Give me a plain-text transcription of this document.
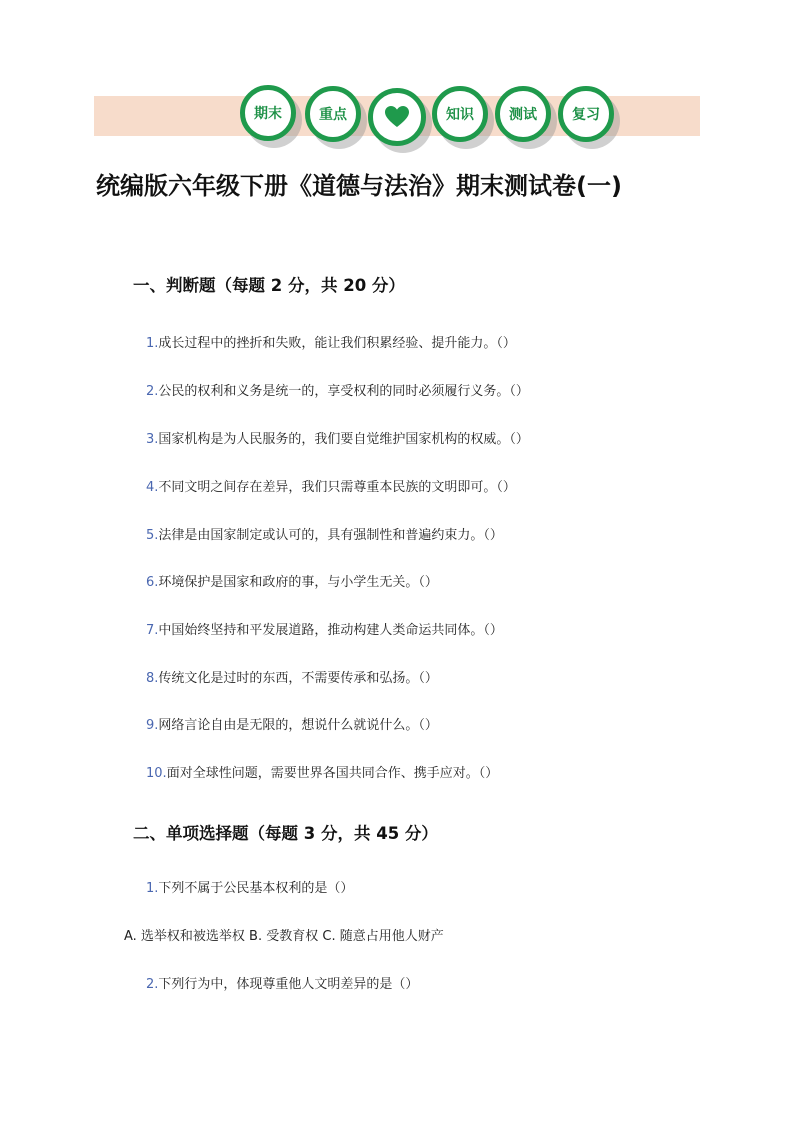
期末	重点	知识	测试	复习
统编版六年级下册《道德与法治》期末测试卷(一)
一、判断题（每题 2 分，共 20 分）
1.成长过程中的挫折和失败，能让我们积累经验、提升能力。（）
2.公民的权利和义务是统一的，享受权利的同时必须履行义务。（）
3.国家机构是为人民服务的，我们要自觉维护国家机构的权威。（）
4.不同文明之间存在差异，我们只需尊重本民族的文明即可。（）
5.法律是由国家制定或认可的，具有强制性和普遍约束力。（）
6.环境保护是国家和政府的事，与小学生无关。（）
7.中国始终坚持和平发展道路，推动构建人类命运共同体。（）
8.传统文化是过时的东西，不需要传承和弘扬。（）
9.网络言论自由是无限的，想说什么就说什么。（）
10.面对全球性问题，需要世界各国共同合作、携手应对。（）
二、单项选择题（每题 3 分，共 45 分）
1.下列不属于公民基本权利的是（）
A. 选举权和被选举权 B. 受教育权 C. 随意占用他人财产
2.下列行为中，体现尊重他人文明差异的是（）
